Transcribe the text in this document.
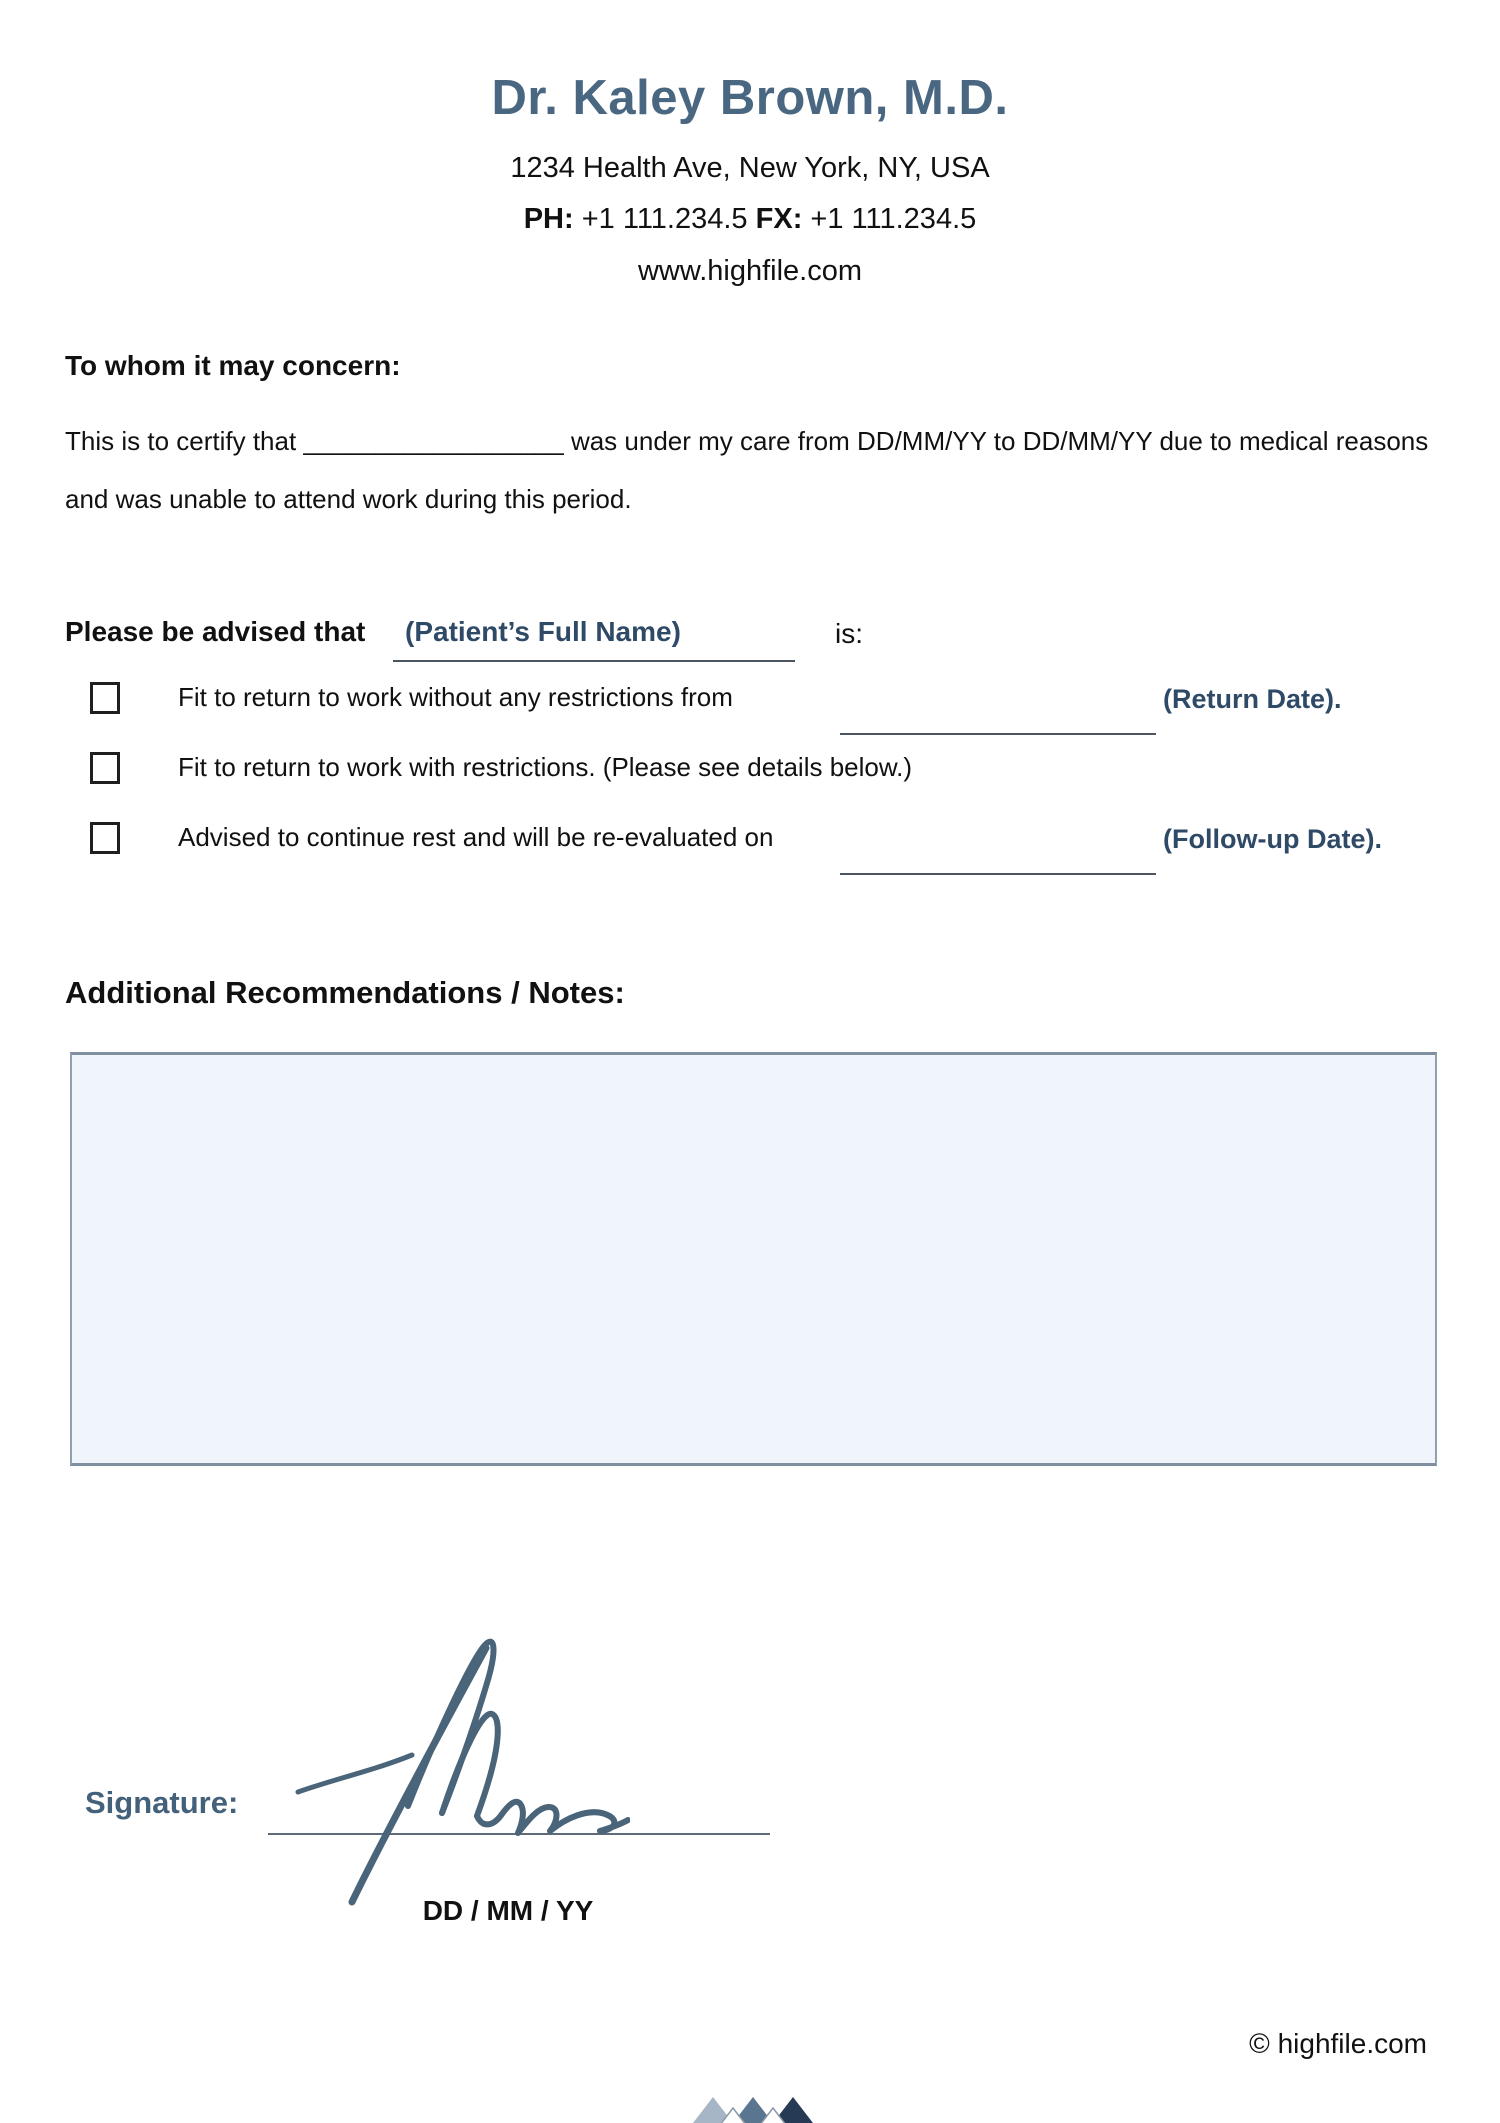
Dr. Kaley Brown, M.D.
1234 Health Ave, New York, NY, USA
PH: +1 111.234.5 FX: +1 111.234.5
www.highfile.com
To whom it may concern:
This is to certify that __________________ was under my care from DD/MM/YY to DD/MM/YY due to medical reasons and was unable to attend work during this period.
Please be advised that	(Patient’s Full Name)	is:
Fit to return to work without any restrictions from	(Return Date).
Fit to return to work with restrictions. (Please see details below.)
Advised to continue rest and will be re-evaluated on	(Follow-up Date).
Additional Recommendations / Notes:
Signature:
DD / MM / YY
© highfile.com
